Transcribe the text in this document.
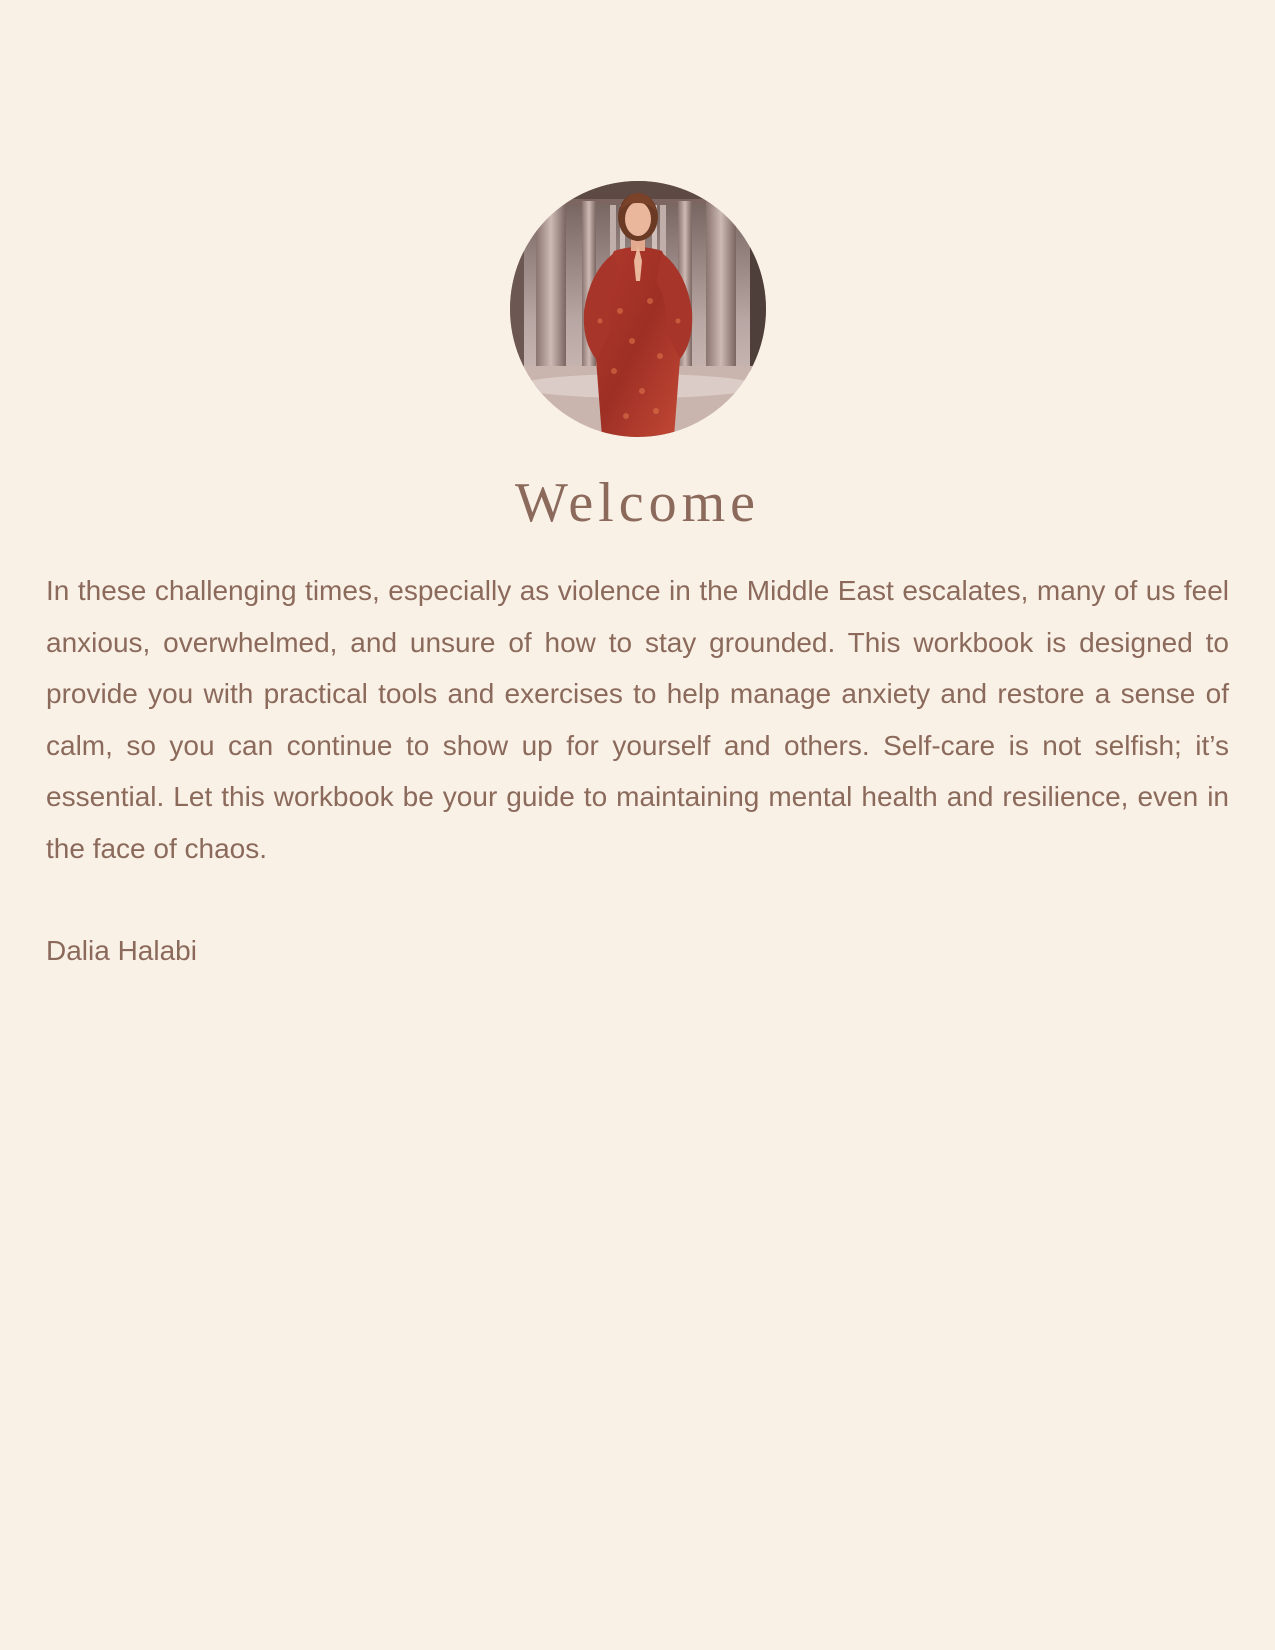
Welcome

In these challenging times, especially as violence in the Middle East escalates, many of us feel anxious, overwhelmed, and unsure of how to stay grounded. This workbook is designed to provide you with practical tools and exercises to help manage anxiety and restore a sense of calm, so you can continue to show up for yourself and others. Self-care is not selfish; it’s essential. Let this workbook be your guide to maintaining mental health and resilience, even in the face of chaos.

Dalia Halabi
